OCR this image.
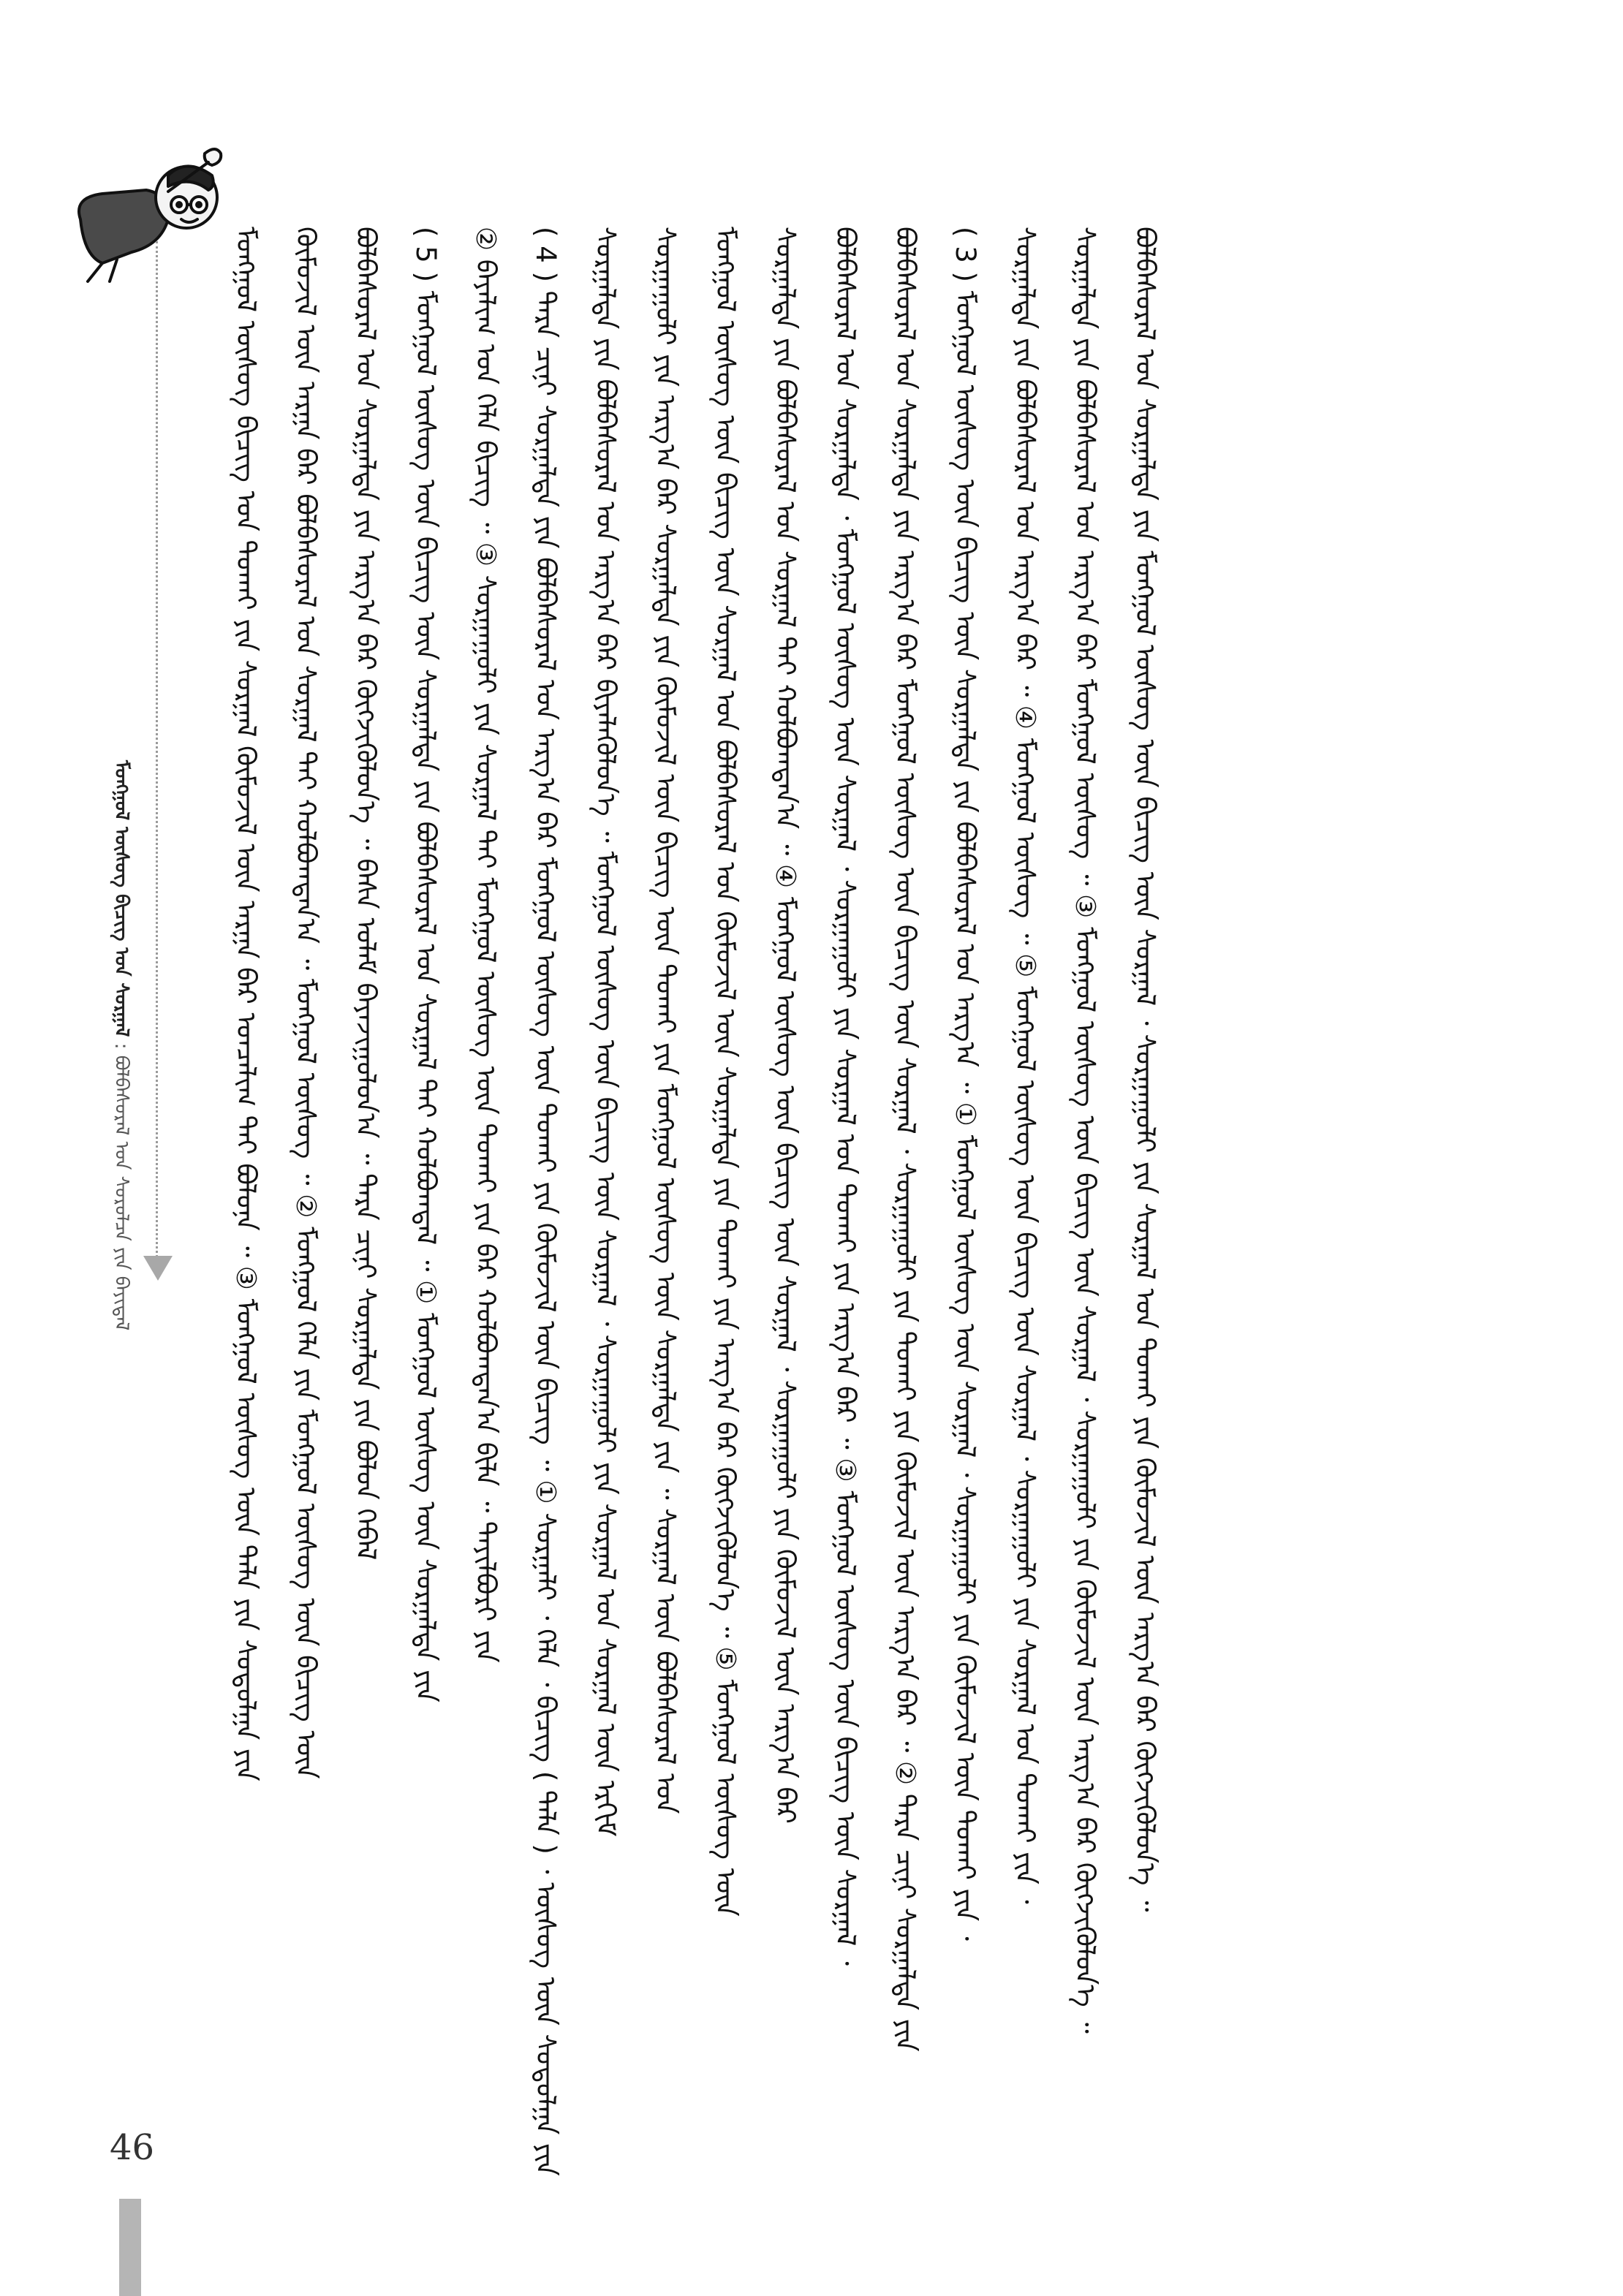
ᠮᠣᠩᠭᠣᠯ ᠦᠰᠦᠭ ᠪᠢᠴᠢᠭ ᠤᠨ ᠰᠤᠷᠭᠠᠯ : ᠪᠣᠯᠪᠠᠰᠤᠷᠠᠯ ᠤᠨ ᠰᠤᠷᠤᠯᠴᠠ ᠶᠢᠨ ᠪᠠᠶᠢᠳᠠᠯ	ᠮᠣᠩᠭᠣᠯ ᠦᠰᠦᠭ ᠪᠢᠴᠢᠭ ᠤᠨ ᠲᠤᠬᠠᠢ ᠶᠢᠨ ᠰᠤᠷᠭᠠᠯ ᠬᠦᠮᠦᠵᠢᠯ ᠦᠨ ᠠᠷᠭᠠ ᠪᠠᠷ ᠣᠨᠴᠠᠯᠢᠭ ᠲᠠᠶ ᠪᠣᠯᠤᠨᠠ ᠃ ③ ᠮᠣᠩᠭᠣᠯ ᠦᠰᠦᠭ ᠦᠨ ᠲᠠᠯᠠ ᠶᠢᠨ ᠰᠤᠳᠤᠯᠭᠠ ᠶᠢᠨ ᠬᠦᠮᠦᠵᠢᠯ ᠦᠨ ᠠᠷᠭᠠ ᠪᠠᠷ ᠪᠣᠯᠪᠠᠰᠤᠷᠠᠯ ᠤᠨ ᠰᠤᠷᠭᠠᠯ ᠲᠠᠶ ᠬᠣᠯᠪᠣᠭᠳᠠᠨ᠎ᠠ ᠃ ᠮᠣᠩᠭᠣᠯ ᠦᠰᠦᠭ ᠃ ② ᠮᠣᠩᠭᠣᠯ ᠬᠡᠯᠡ ᠶᠢᠨ ᠮᠣᠩᠭᠣᠯ ᠦᠰᠦᠭ ᠦᠨ ᠪᠢᠴᠢᠭ ᠦᠨ ᠪᠣᠯᠪᠠᠰᠤᠷᠠᠯ ᠤᠨ ᠰᠤᠷᠭᠠᠯᠲᠠ ᠶᠢᠨ ᠠᠷᠭ᠎ᠠ ᠪᠠᠷ ᠬᠥᠭᠵᠢᠭᠦᠯᠦᠨ᠎ᠡ ᠃ ᠪᠠᠰᠠ ᠤᠯᠠᠮ ᠪᠠᠶᠠᠵᠢᠭᠤᠯᠤᠨ᠎ᠠ ᠃ ᠲᠡᠷᠡ ᠴᠢᠨᠢ ᠰᠤᠷᠭᠠᠯᠲᠠ ᠶᠢᠨ ᠪᠣᠯᠤᠨ ᠭᠡᠪᠡᠯ ( 5 ) ᠮᠣᠩᠭᠣᠯ ᠦᠰᠦᠭ ᠦᠨ ᠪᠢᠴᠢᠭ ᠦᠨ ᠰᠤᠷᠭᠠᠯᠲᠠ ᠶᠢᠨ ᠪᠣᠯᠪᠠᠰᠤᠷᠠᠯ ᠤᠨ ᠰᠤᠷᠭᠠᠯ ᠲᠠᠶ ᠬᠣᠯᠪᠣᠭᠳᠠᠯ ᠃ ① ᠮᠣᠩᠭᠣᠯ ᠦᠰᠦᠭ ᠦᠨ ᠰᠤᠷᠭᠠᠯᠲᠠ ᠶᠢᠨ ② ᠪᠠᠶᠠᠯᠢᠭ ᠤᠨ ᠬᠡᠯᠡ ᠪᠢᠴᠢᠭ ᠃ ③ ᠰᠤᠷᠭᠠᠭᠤᠯᠢ ᠶᠢᠨ ᠰᠤᠷᠭᠠᠯ ᠲᠠᠶ ᠮᠣᠩᠭᠣᠯ ᠦᠰᠦᠭ ᠦᠨ ᠲᠤᠬᠠᠢ ᠶᠢᠨ ᠪᠠᠷ ᠬᠣᠯᠪᠣᠭᠳᠠᠨ᠎ᠠ ᠪᠢᠯᠡ ᠃ ᠲᠠᠶᠢᠯᠪᠤᠷᠢ ᠶᠢᠨ ( 4 ) ᠲᠡᠷᠡ ᠴᠢᠨᠢ ᠰᠤᠷᠭᠠᠯᠲᠠ ᠶᠢᠨ ᠪᠣᠯᠪᠠᠰᠤᠷᠠᠯ ᠤᠨ ᠠᠷᠭ᠎ᠠ ᠪᠠᠷ ᠮᠣᠩᠭᠣᠯ ᠦᠰᠦᠭ ᠦᠨ ᠲᠤᠬᠠᠢ ᠶᠢᠨ ᠬᠦᠮᠦᠵᠢᠯ ᠦᠨ ᠪᠢᠴᠢᠭ ᠃ ① ᠰᠤᠷᠭᠠᠯᠢ ᠂ ᠬᠡᠯᠡ ᠂ ᠪᠢᠴᠢᠭ ( ᠲᠠᠯᠠ ) ᠂ ᠦᠰᠦᠭ ᠦᠨ ᠰᠤᠳᠤᠯᠭᠠ ᠶᠢᠨ ᠰᠤᠷᠭᠠᠯᠲᠠ ᠶᠢᠨ ᠪᠣᠯᠪᠠᠰᠤᠷᠠᠯ ᠤᠨ ᠠᠷᠭ᠎ᠠ ᠪᠠᠷ ᠪᠢᠶᠡᠯᠡᠭᠦᠯᠦᠨ᠎ᠡ ᠃ ᠮᠣᠩᠭᠣᠯ ᠦᠰᠦᠭ ᠦᠨ ᠪᠢᠴᠢᠭ ᠦᠨ ᠰᠤᠷᠭᠠᠯ ᠂ ᠰᠤᠷᠭᠠᠭᠤᠯᠢ ᠶᠢᠨ ᠰᠤᠷᠭᠠᠯ ᠤᠨ ᠰᠤᠷᠭᠠᠯ ᠦᠨ ᠡᠷᠬᠢᠮ ᠰᠤᠷᠭᠠᠭᠤᠯᠢ ᠶᠢᠨ ᠠᠷᠭ᠎ᠠ ᠪᠠᠷ ᠰᠤᠷᠭᠠᠯᠲᠠ ᠶᠢᠨ ᠬᠦᠮᠦᠵᠢᠯ ᠦᠨ ᠪᠢᠴᠢᠭ ᠦᠨ ᠲᠤᠬᠠᠢ ᠶᠢᠨ ᠮᠣᠩᠭᠣᠯ ᠦᠰᠦᠭ ᠦᠨ ᠰᠤᠷᠭᠠᠯᠲᠠ ᠶᠢᠨ ᠃ ᠰᠤᠷᠭᠠᠯ ᠦᠨ ᠪᠣᠯᠪᠠᠰᠤᠷᠠᠯ ᠤᠨ ᠮᠣᠩᠭᠣᠯ ᠦᠰᠦᠭ ᠦᠨ ᠪᠢᠴᠢᠭ ᠦᠨ ᠰᠤᠷᠭᠠᠯ ᠤᠨ ᠪᠣᠯᠪᠠᠰᠤᠷᠠᠯ ᠤᠨ ᠬᠦᠮᠦᠵᠢᠯ ᠦᠨ ᠰᠤᠷᠭᠠᠯᠲᠠ ᠶᠢᠨ ᠲᠤᠬᠠᠢ ᠶᠢᠨ ᠠᠷᠭ᠎ᠠ ᠪᠠᠷ ᠬᠥᠭᠵᠢᠭᠦᠯᠦᠨ᠎ᠡ ᠃ ⑤ ᠮᠣᠩᠭᠣᠯ ᠦᠰᠦᠭ ᠦᠨ ᠰᠤᠷᠭᠠᠯᠲᠠ ᠶᠢᠨ ᠪᠣᠯᠪᠠᠰᠤᠷᠠᠯ ᠤᠨ ᠰᠤᠷᠭᠠᠯ ᠲᠠᠶ ᠬᠣᠯᠪᠣᠭᠳᠠᠨ᠎ᠠ ᠃ ④ ᠮᠣᠩᠭᠣᠯ ᠦᠰᠦᠭ ᠦᠨ ᠪᠢᠴᠢᠭ ᠦᠨ ᠰᠤᠷᠭᠠᠯ ᠂ ᠰᠤᠷᠭᠠᠭᠤᠯᠢ ᠶᠢᠨ ᠬᠦᠮᠦᠵᠢᠯ ᠦᠨ ᠠᠷᠭ᠎ᠠ ᠪᠠᠷ ᠪᠣᠯᠪᠠᠰᠤᠷᠠᠯ ᠤᠨ ᠰᠤᠷᠭᠠᠯᠲᠠ ᠂ ᠮᠣᠩᠭᠣᠯ ᠦᠰᠦᠭ ᠦᠨ ᠰᠤᠷᠭᠠᠯ ᠂ ᠰᠤᠷᠭᠠᠭᠤᠯᠢ ᠶᠢᠨ ᠰᠤᠷᠭᠠᠯ ᠤᠨ ᠲᠤᠬᠠᠢ ᠶᠢᠨ ᠠᠷᠭ᠎ᠠ ᠪᠠᠷ ᠃ ③ ᠮᠣᠩᠭᠣᠯ ᠦᠰᠦᠭ ᠦᠨ ᠪᠢᠴᠢᠭ ᠦᠨ ᠰᠤᠷᠭᠠᠯ ᠂ ᠪᠣᠯᠪᠠᠰᠤᠷᠠᠯ ᠤᠨ ᠰᠤᠷᠭᠠᠯᠲᠠ ᠶᠢᠨ ᠠᠷᠭ᠎ᠠ ᠪᠠᠷ ᠮᠣᠩᠭᠣᠯ ᠦᠰᠦᠭ ᠦᠨ ᠪᠢᠴᠢᠭ ᠦᠨ ᠰᠤᠷᠭᠠᠯ ᠂ ᠰᠤᠷᠭᠠᠭᠤᠯᠢ ᠶᠢᠨ ᠲᠤᠬᠠᠢ ᠶᠢᠨ ᠬᠦᠮᠦᠵᠢᠯ ᠦᠨ ᠠᠷᠭ᠎ᠠ ᠪᠠᠷ ᠃ ② ᠲᠡᠷᠡ ᠴᠢᠨᠢ ᠰᠤᠷᠭᠠᠯᠲᠠ ᠶᠢᠨ ( 3 ) ᠮᠣᠩᠭᠣᠯ ᠦᠰᠦᠭ ᠦᠨ ᠪᠢᠴᠢᠭ ᠦᠨ ᠰᠤᠷᠭᠠᠯᠲᠠ ᠶᠢᠨ ᠪᠣᠯᠪᠠᠰᠤᠷᠠᠯ ᠤᠨ ᠠᠷᠭ᠎ᠠ ᠃ ① ᠮᠣᠩᠭᠣᠯ ᠦᠰᠦᠭ ᠦᠨ ᠰᠤᠷᠭᠠᠯ ᠂ ᠰᠤᠷᠭᠠᠭᠤᠯᠢ ᠶᠢᠨ ᠬᠦᠮᠦᠵᠢᠯ ᠦᠨ ᠲᠤᠬᠠᠢ ᠶᠢᠨ ᠂ ᠰᠤᠷᠭᠠᠯᠲᠠ ᠶᠢᠨ ᠪᠣᠯᠪᠠᠰᠤᠷᠠᠯ ᠤᠨ ᠠᠷᠭ᠎ᠠ ᠪᠠᠷ ᠃ ④ ᠮᠣᠩᠭᠣᠯ ᠦᠰᠦᠭ ᠃ ⑤ ᠮᠣᠩᠭᠣᠯ ᠦᠰᠦᠭ ᠦᠨ ᠪᠢᠴᠢᠭ ᠦᠨ ᠰᠤᠷᠭᠠᠯ ᠂ ᠰᠤᠷᠭᠠᠭᠤᠯᠢ ᠶᠢᠨ ᠰᠤᠷᠭᠠᠯ ᠤᠨ ᠲᠤᠬᠠᠢ ᠶᠢᠨ ᠂ ᠰᠤᠷᠭᠠᠯᠲᠠ ᠶᠢᠨ ᠪᠣᠯᠪᠠᠰᠤᠷᠠᠯ ᠤᠨ ᠠᠷᠭ᠎ᠠ ᠪᠠᠷ ᠮᠣᠩᠭᠣᠯ ᠦᠰᠦᠭ ᠃ ③ ᠮᠣᠩᠭᠣᠯ ᠦᠰᠦᠭ ᠦᠨ ᠪᠢᠴᠢᠭ ᠦᠨ ᠰᠤᠷᠭᠠᠯ ᠂ ᠰᠤᠷᠭᠠᠭᠤᠯᠢ ᠶᠢᠨ ᠬᠦᠮᠦᠵᠢᠯ ᠦᠨ ᠠᠷᠭ᠎ᠠ ᠪᠠᠷ ᠬᠥᠭᠵᠢᠭᠦᠯᠦᠨ᠎ᠡ ᠃ ᠪᠣᠯᠪᠠᠰᠤᠷᠠᠯ ᠤᠨ ᠰᠤᠷᠭᠠᠯᠲᠠ ᠶᠢᠨ ᠮᠣᠩᠭᠣᠯ ᠦᠰᠦᠭ ᠦᠨ ᠪᠢᠴᠢᠭ ᠦᠨ ᠰᠤᠷᠭᠠᠯ ᠂ ᠰᠤᠷᠭᠠᠭᠤᠯᠢ ᠶᠢᠨ ᠰᠤᠷᠭᠠᠯ ᠤᠨ ᠲᠤᠬᠠᠢ ᠶᠢᠨ ᠬᠦᠮᠦᠵᠢᠯ ᠦᠨ ᠠᠷᠭ᠎ᠠ ᠪᠠᠷ ᠬᠥᠭᠵᠢᠭᠦᠯᠦᠨ᠎ᠡ ᠃
46
